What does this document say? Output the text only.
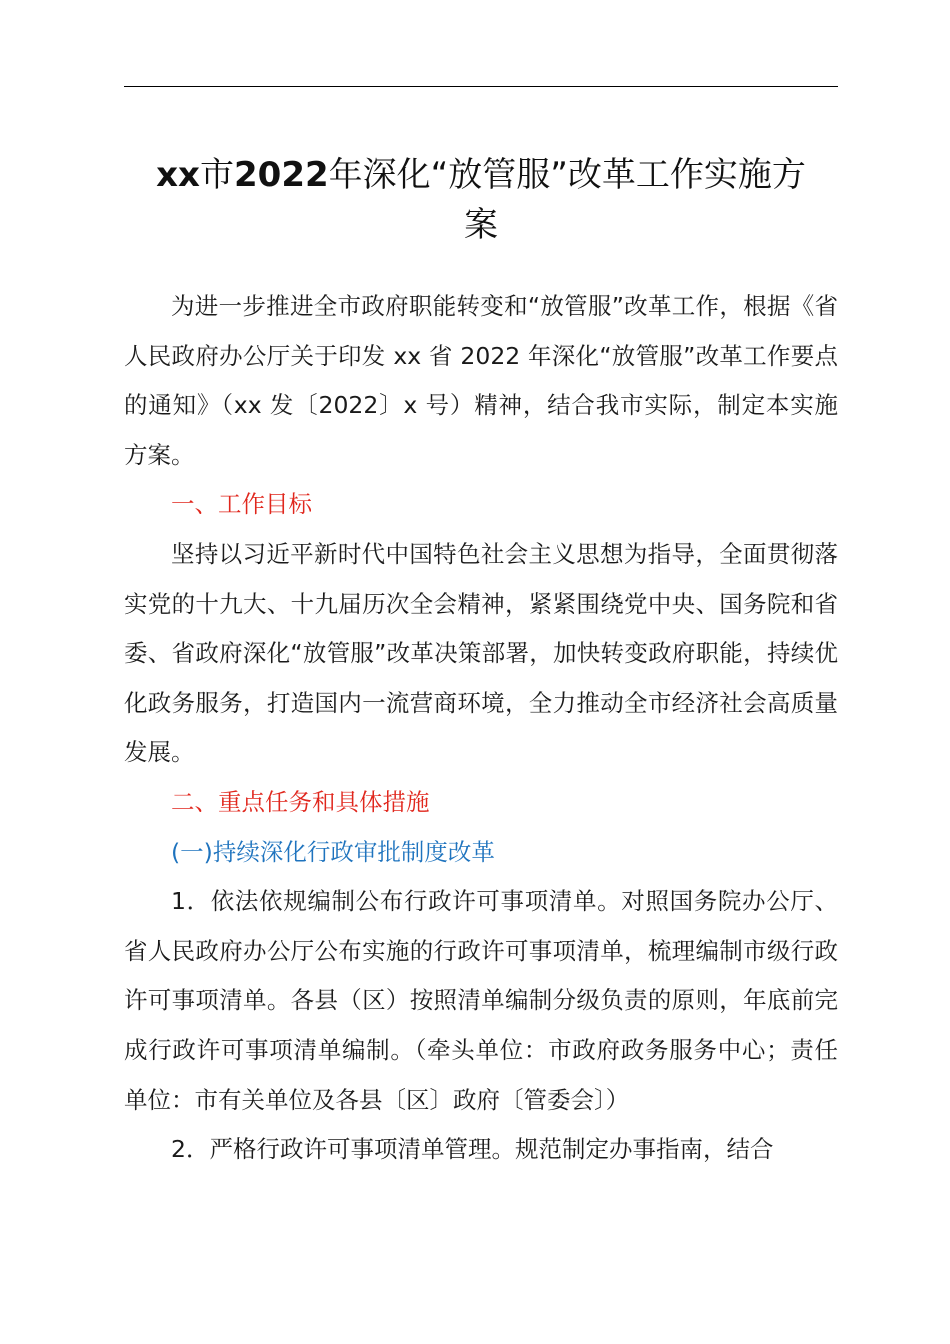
xx市2022年深化“放管服”改革工作实施方
案

为进一步推进全市政府职能转变和“放管服”改革工作，根据《省人民政府办公厅关于印发 xx 省 2022 年深化“放管服”改革工作要点的通知》（xx 发〔2022〕x 号）精神，结合我市实际，制定本实施方案。

一、工作目标

坚持以习近平新时代中国特色社会主义思想为指导，全面贯彻落实党的十九大、十九届历次全会精神，紧紧围绕党中央、国务院和省委、省政府深化“放管服”改革决策部署，加快转变政府职能，持续优化政务服务，打造国内一流营商环境，全力推动全市经济社会高质量发展。

二、重点任务和具体措施

(一)持续深化行政审批制度改革

1．依法依规编制公布行政许可事项清单。对照国务院办公厅、省人民政府办公厅公布实施的行政许可事项清单，梳理编制市级行政许可事项清单。各县（区）按照清单编制分级负责的原则，年底前完成行政许可事项清单编制。（牵头单位：市政府政务服务中心；责任单位：市有关单位及各县〔区〕政府〔管委会〕）

2．严格行政许可事项清单管理。规范制定办事指南，结合
